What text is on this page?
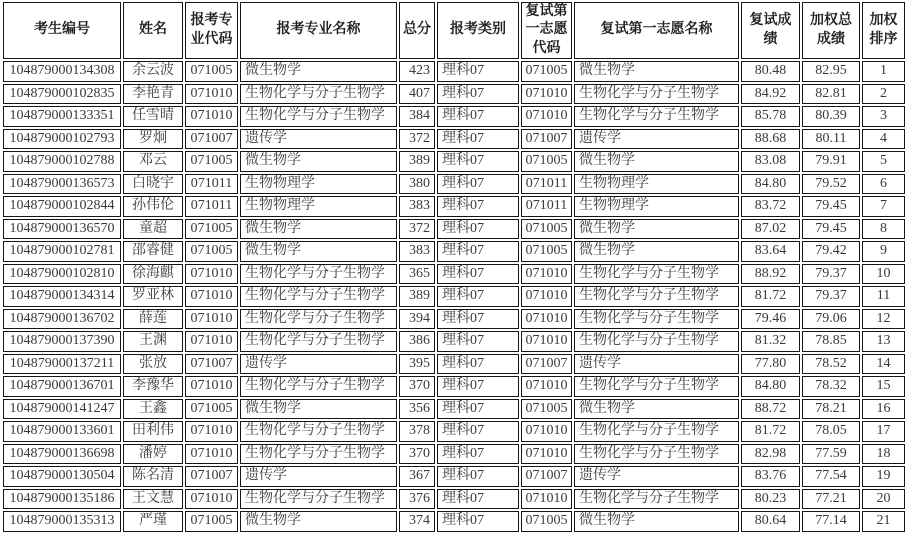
考生编号	姓名	报考专业代码	报考专业名称	总分	报考类别	复试第一志愿代码	复试第一志愿名称	复试成绩	加权总成绩	加权排序
104879000134308	余云波	071005	微生物学	423	理科07	071005	微生物学	80.48	82.95	1
104879000102835	李艳青	071010	生物化学与分子生物学	407	理科07	071010	生物化学与分子生物学	84.92	82.81	2
104879000133351	任雪晴	071010	生物化学与分子生物学	384	理科07	071010	生物化学与分子生物学	85.78	80.39	3
104879000102793	罗炯	071007	遗传学	372	理科07	071007	遗传学	88.68	80.11	4
104879000102788	邓云	071005	微生物学	389	理科07	071005	微生物学	83.08	79.91	5
104879000136573	白晓宇	071011	生物物理学	380	理科07	071011	生物物理学	84.80	79.52	6
104879000102844	孙伟伦	071011	生物物理学	383	理科07	071011	生物物理学	83.72	79.45	7
104879000136570	童超	071005	微生物学	372	理科07	071005	微生物学	87.02	79.45	8
104879000102781	邵睿健	071005	微生物学	383	理科07	071005	微生物学	83.64	79.42	9
104879000102810	徐海麒	071010	生物化学与分子生物学	365	理科07	071010	生物化学与分子生物学	88.92	79.37	10
104879000134314	罗亚林	071010	生物化学与分子生物学	389	理科07	071010	生物化学与分子生物学	81.72	79.37	11
104879000136702	薛莲	071010	生物化学与分子生物学	394	理科07	071010	生物化学与分子生物学	79.46	79.06	12
104879000137390	王渊	071010	生物化学与分子生物学	386	理科07	071010	生物化学与分子生物学	81.32	78.85	13
104879000137211	张放	071007	遗传学	395	理科07	071007	遗传学	77.80	78.52	14
104879000136701	李豫华	071010	生物化学与分子生物学	370	理科07	071010	生物化学与分子生物学	84.80	78.32	15
104879000141247	王鑫	071005	微生物学	356	理科07	071005	微生物学	88.72	78.21	16
104879000133601	田利伟	071010	生物化学与分子生物学	378	理科07	071010	生物化学与分子生物学	81.72	78.05	17
104879000136698	潘婷	071010	生物化学与分子生物学	370	理科07	071010	生物化学与分子生物学	82.98	77.59	18
104879000130504	陈名清	071007	遗传学	367	理科07	071007	遗传学	83.76	77.54	19
104879000135186	王文慧	071010	生物化学与分子生物学	376	理科07	071010	生物化学与分子生物学	80.23	77.21	20
104879000135313	严瑾	071005	微生物学	374	理科07	071005	微生物学	80.64	77.14	21
